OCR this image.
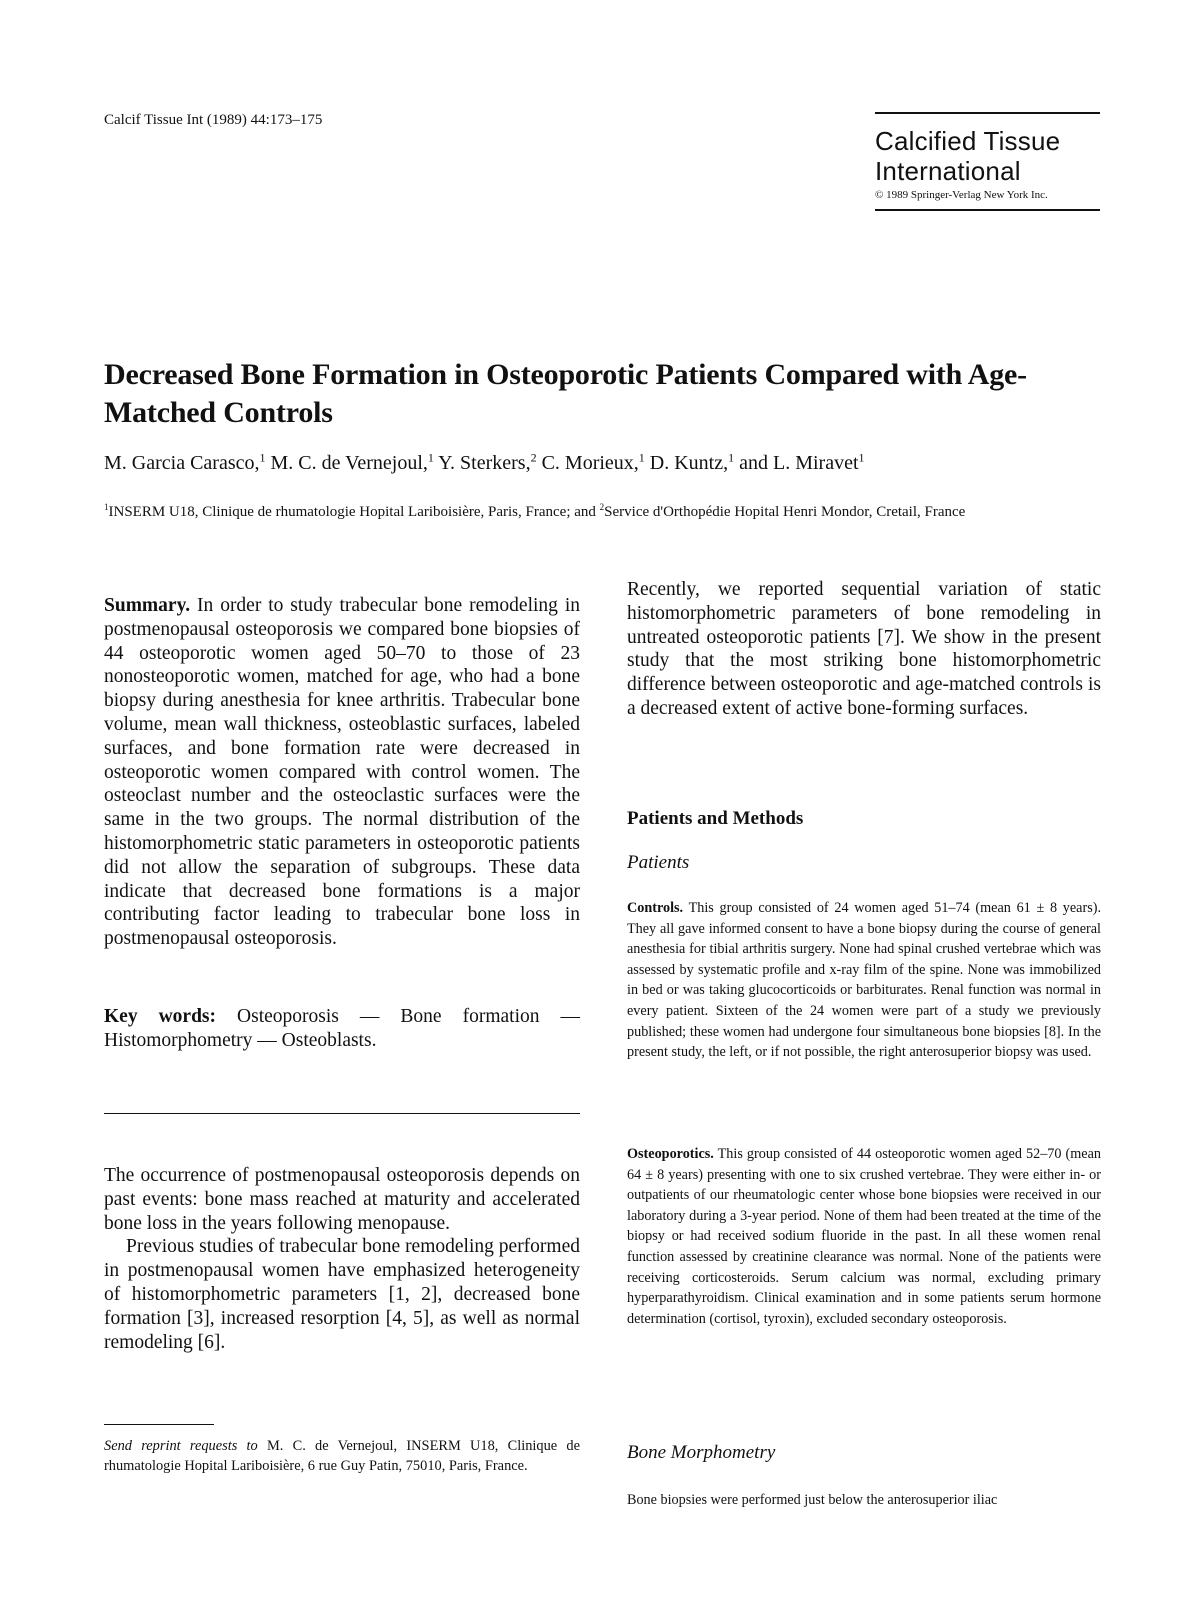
Calcif Tissue Int (1989) 44:173–175
Calcified Tissue International
© 1989 Springer-Verlag New York Inc.
Decreased Bone Formation in Osteoporotic Patients Compared with Age-Matched Controls
M. Garcia Carasco,$^1$ M. C. de Vernejoul,$^1$ Y. Sterkers,$^2$ C. Morieux,$^1$ D. Kuntz,$^1$ and L. Miravet$^1$
$^1$INSERM U18, Clinique de rhumatologie Hopital Lariboisière, Paris, France; and $^2$Service d'Orthopédie Hopital Henri Mondor, Cretail, France

Summary. In order to study trabecular bone remodeling in postmenopausal osteoporosis we compared bone biopsies of 44 osteoporotic women aged 50–70 to those of 23 nonosteoporotic women, matched for age, who had a bone biopsy during anesthesia for knee arthritis. Trabecular bone volume, mean wall thickness, osteoblastic surfaces, labeled surfaces, and bone formation rate were decreased in osteoporotic women compared with control women. The osteoclast number and the osteoclastic surfaces were the same in the two groups. The normal distribution of the histomorphometric static parameters in osteoporotic patients did not allow the separation of subgroups. These data indicate that decreased bone formations is a major contributing factor leading to trabecular bone loss in postmenopausal osteoporosis.

Key words: Osteoporosis — Bone formation — Histomorphometry — Osteoblasts.

The occurrence of postmenopausal osteoporosis depends on past events: bone mass reached at maturity and accelerated bone loss in the years following menopause.

Previous studies of trabecular bone remodeling performed in postmenopausal women have emphasized heterogeneity of histomorphometric parameters [1, 2], decreased bone formation [3], increased resorption [4, 5], as well as normal remodeling [6].

Send reprint requests to M. C. de Vernejoul, INSERM U18, Clinique de rhumatologie Hopital Lariboisière, 6 rue Guy Patin, 75010, Paris, France.
Recently, we reported sequential variation of static histomorphometric parameters of bone remodeling in untreated osteoporotic patients [7]. We show in the present study that the most striking bone histomorphometric difference between osteoporotic and age-matched controls is a decreased extent of active bone-forming surfaces.
Patients and Methods
Patients

Controls. This group consisted of 24 women aged 51–74 (mean 61 ± 8 years). They all gave informed consent to have a bone biopsy during the course of general anesthesia for tibial arthritis surgery. None had spinal crushed vertebrae which was assessed by systematic profile and x-ray film of the spine. None was immobilized in bed or was taking glucocorticoids or barbiturates. Renal function was normal in every patient. Sixteen of the 24 women were part of a study we previously published; these women had undergone four simultaneous bone biopsies [8]. In the present study, the left, or if not possible, the right anterosuperior biopsy was used.

Osteoporotics. This group consisted of 44 osteoporotic women aged 52–70 (mean 64 ± 8 years) presenting with one to six crushed vertebrae. They were either in- or outpatients of our rheumatologic center whose bone biopsies were received in our laboratory during a 3-year period. None of them had been treated at the time of the biopsy or had received sodium fluoride in the past. In all these women renal function assessed by creatinine clearance was normal. None of the patients were receiving corticosteroids. Serum calcium was normal, excluding primary hyperparathyroidism. Clinical examination and in some patients serum hormone determination (cortisol, tyroxin), excluded secondary osteoporosis.

Bone Morphometry
Bone biopsies were performed just below the anterosuperior iliac
